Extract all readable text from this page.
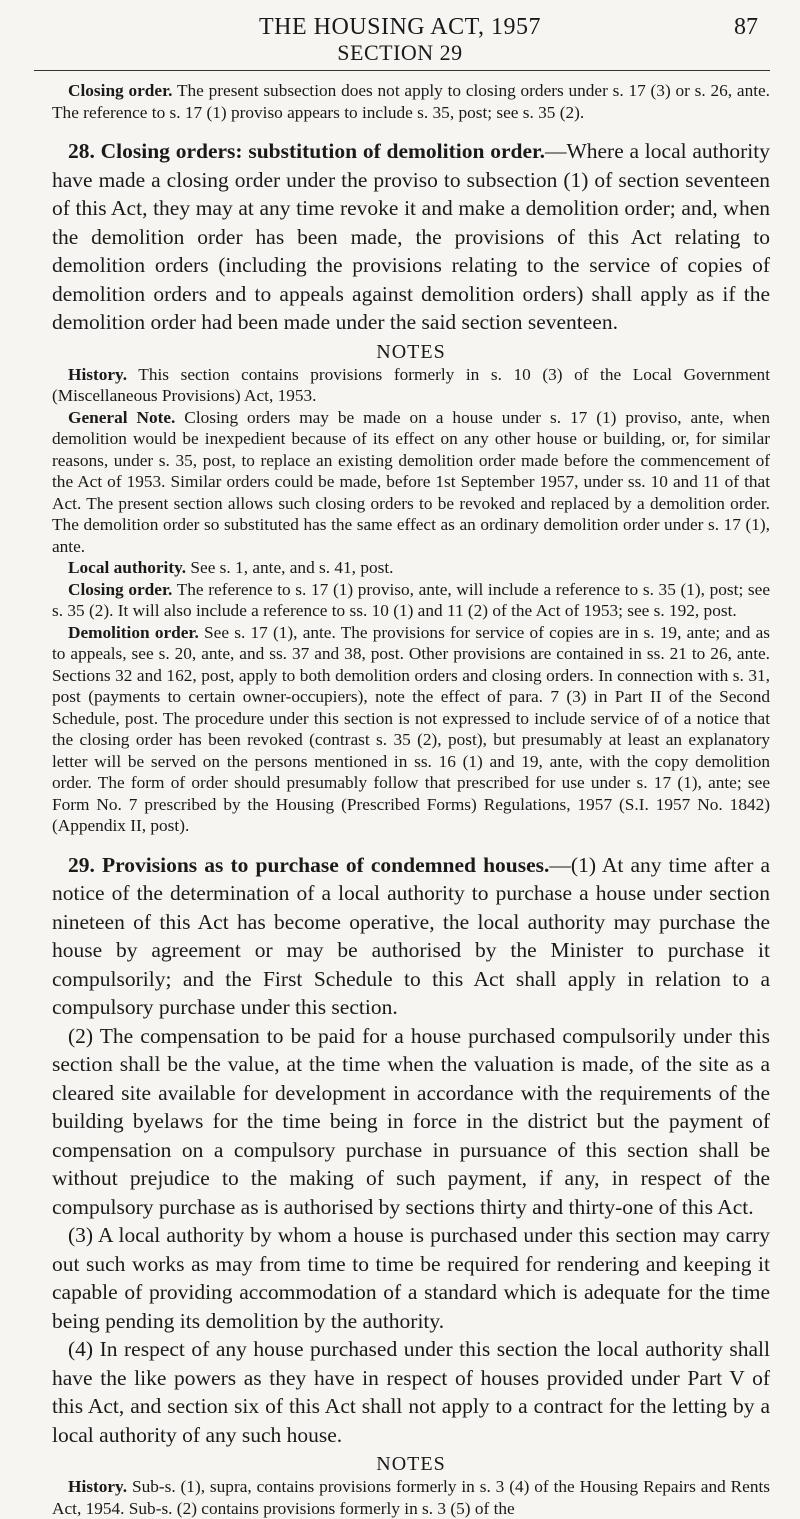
THE HOUSING ACT, 1957
SECTION 29
87

Closing order. The present subsection does not apply to closing orders under s. 17 (3) or s. 26, ante. The reference to s. 17 (1) proviso appears to include s. 35, post; see s. 35 (2).

28. Closing orders: substitution of demolition order.—Where a local authority have made a closing order under the proviso to subsection (1) of section seventeen of this Act, they may at any time revoke it and make a demolition order; and, when the demolition order has been made, the provisions of this Act relating to demolition orders (including the provisions relating to the service of copies of demolition orders and to appeals against demolition orders) shall apply as if the demolition order had been made under the said section seventeen.

NOTES

History. This section contains provisions formerly in s. 10 (3) of the Local Government (Miscellaneous Provisions) Act, 1953.

General Note. Closing orders may be made on a house under s. 17 (1) proviso, ante, when demolition would be inexpedient because of its effect on any other house or building, or, for similar reasons, under s. 35, post, to replace an existing demolition order made before the commencement of the Act of 1953. Similar orders could be made, before 1st September 1957, under ss. 10 and 11 of that Act. The present section allows such closing orders to be revoked and replaced by a demolition order. The demolition order so substituted has the same effect as an ordinary demolition order under s. 17 (1), ante.

Local authority. See s. 1, ante, and s. 41, post.

Closing order. The reference to s. 17 (1) proviso, ante, will include a reference to s. 35 (1), post; see s. 35 (2). It will also include a reference to ss. 10 (1) and 11 (2) of the Act of 1953; see s. 192, post.

Demolition order. See s. 17 (1), ante. The provisions for service of copies are in s. 19, ante; and as to appeals, see s. 20, ante, and ss. 37 and 38, post. Other provisions are contained in ss. 21 to 26, ante. Sections 32 and 162, post, apply to both demolition orders and closing orders. In connection with s. 31, post (payments to certain owner-occupiers), note the effect of para. 7 (3) in Part II of the Second Schedule, post. The procedure under this section is not expressed to include service of of a notice that the closing order has been revoked (contrast s. 35 (2), post), but presumably at least an explanatory letter will be served on the persons mentioned in ss. 16 (1) and 19, ante, with the copy demolition order. The form of order should presumably follow that prescribed for use under s. 17 (1), ante; see Form No. 7 prescribed by the Housing (Prescribed Forms) Regulations, 1957 (S.I. 1957 No. 1842) (Appendix II, post).

29. Provisions as to purchase of condemned houses.—(1) At any time after a notice of the determination of a local authority to purchase a house under section nineteen of this Act has become operative, the local authority may purchase the house by agreement or may be authorised by the Minister to purchase it compulsorily; and the First Schedule to this Act shall apply in relation to a compulsory purchase under this section.

(2) The compensation to be paid for a house purchased compulsorily under this section shall be the value, at the time when the valuation is made, of the site as a cleared site available for development in accordance with the requirements of the building byelaws for the time being in force in the district but the payment of compensation on a compulsory purchase in pursuance of this section shall be without prejudice to the making of such payment, if any, in respect of the compulsory purchase as is authorised by sections thirty and thirty-one of this Act.

(3) A local authority by whom a house is purchased under this section may carry out such works as may from time to time be required for rendering and keeping it capable of providing accommodation of a standard which is adequate for the time being pending its demolition by the authority.

(4) In respect of any house purchased under this section the local authority shall have the like powers as they have in respect of houses provided under Part V of this Act, and section six of this Act shall not apply to a contract for the letting by a local authority of any such house.

NOTES

History. Sub-s. (1), supra, contains provisions formerly in s. 3 (4) of the Housing Repairs and Rents Act, 1954. Sub-s. (2) contains provisions formerly in s. 3 (5) of the
